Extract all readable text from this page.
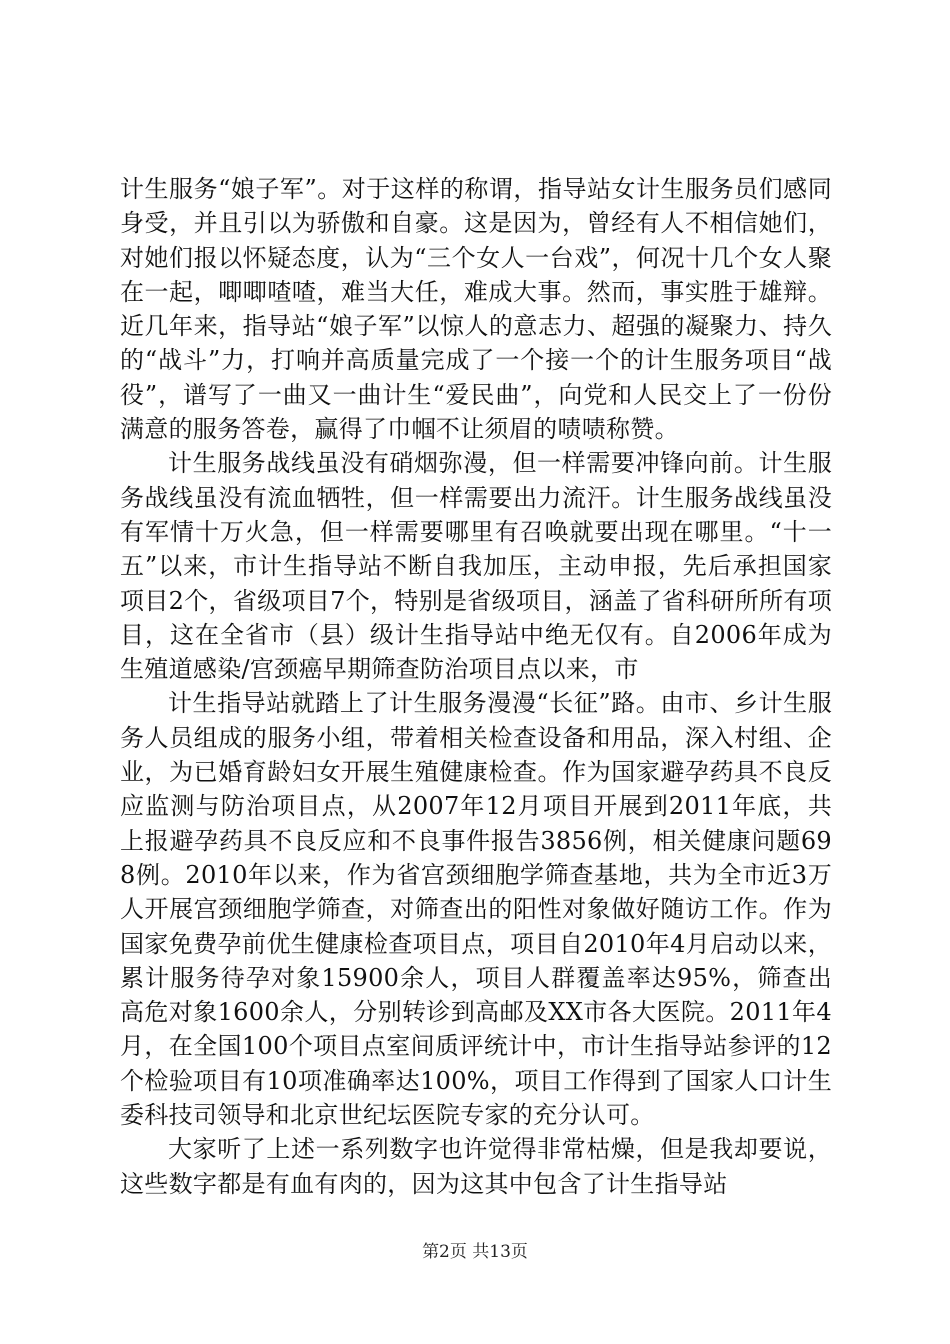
计生服务“娘子军”。对于这样的称谓，指导站女计生服务员们感同身受，并且引以为骄傲和自豪。这是因为，曾经有人不相信她们，对她们报以怀疑态度，认为“三个女人一台戏”，何况十几个女人聚在一起，唧唧喳喳，难当大任，难成大事。然而，事实胜于雄辩。近几年来，指导站“娘子军”以惊人的意志力、超强的凝聚力、持久的“战斗”力，打响并高质量完成了一个接一个的计生服务项目“战役”，谱写了一曲又一曲计生“爱民曲”，向党和人民交上了一份份满意的服务答卷，赢得了巾帼不让须眉的啧啧称赞。

计生服务战线虽没有硝烟弥漫，但一样需要冲锋向前。计生服务战线虽没有流血牺牲，但一样需要出力流汗。计生服务战线虽没有军情十万火急，但一样需要哪里有召唤就要出现在哪里。“十一五”以来，市计生指导站不断自我加压，主动申报，先后承担国家项目2个，省级项目7个，特别是省级项目，涵盖了省科研所所有项目，这在全省市（县）级计生指导站中绝无仅有。自2006年成为生殖道感染/宫颈癌早期筛查防治项目点以来，市

计生指导站就踏上了计生服务漫漫“长征”路。由市、乡计生服务人员组成的服务小组，带着相关检查设备和用品，深入村组、企业，为已婚育龄妇女开展生殖健康检查。作为国家避孕药具不良反应监测与防治项目点，从2007年12月项目开展到2011年底，共上报避孕药具不良反应和不良事件报告3856例，相关健康问题698例。2010年以来，作为省宫颈细胞学筛查基地，共为全市近3万人开展宫颈细胞学筛查，对筛查出的阳性对象做好随访工作。作为国家免费孕前优生健康检查项目点，项目自2010年4月启动以来，累计服务待孕对象15900余人，项目人群覆盖率达95%，筛查出高危对象1600余人，分别转诊到高邮及XX市各大医院。2011年4月，在全国100个项目点室间质评统计中，市计生指导站参评的12个检验项目有10项准确率达100%，项目工作得到了国家人口计生委科技司领导和北京世纪坛医院专家的充分认可。

大家听了上述一系列数字也许觉得非常枯燥，但是我却要说，这些数字都是有血有肉的，因为这其中包含了计生指导站

第2页 共13页
